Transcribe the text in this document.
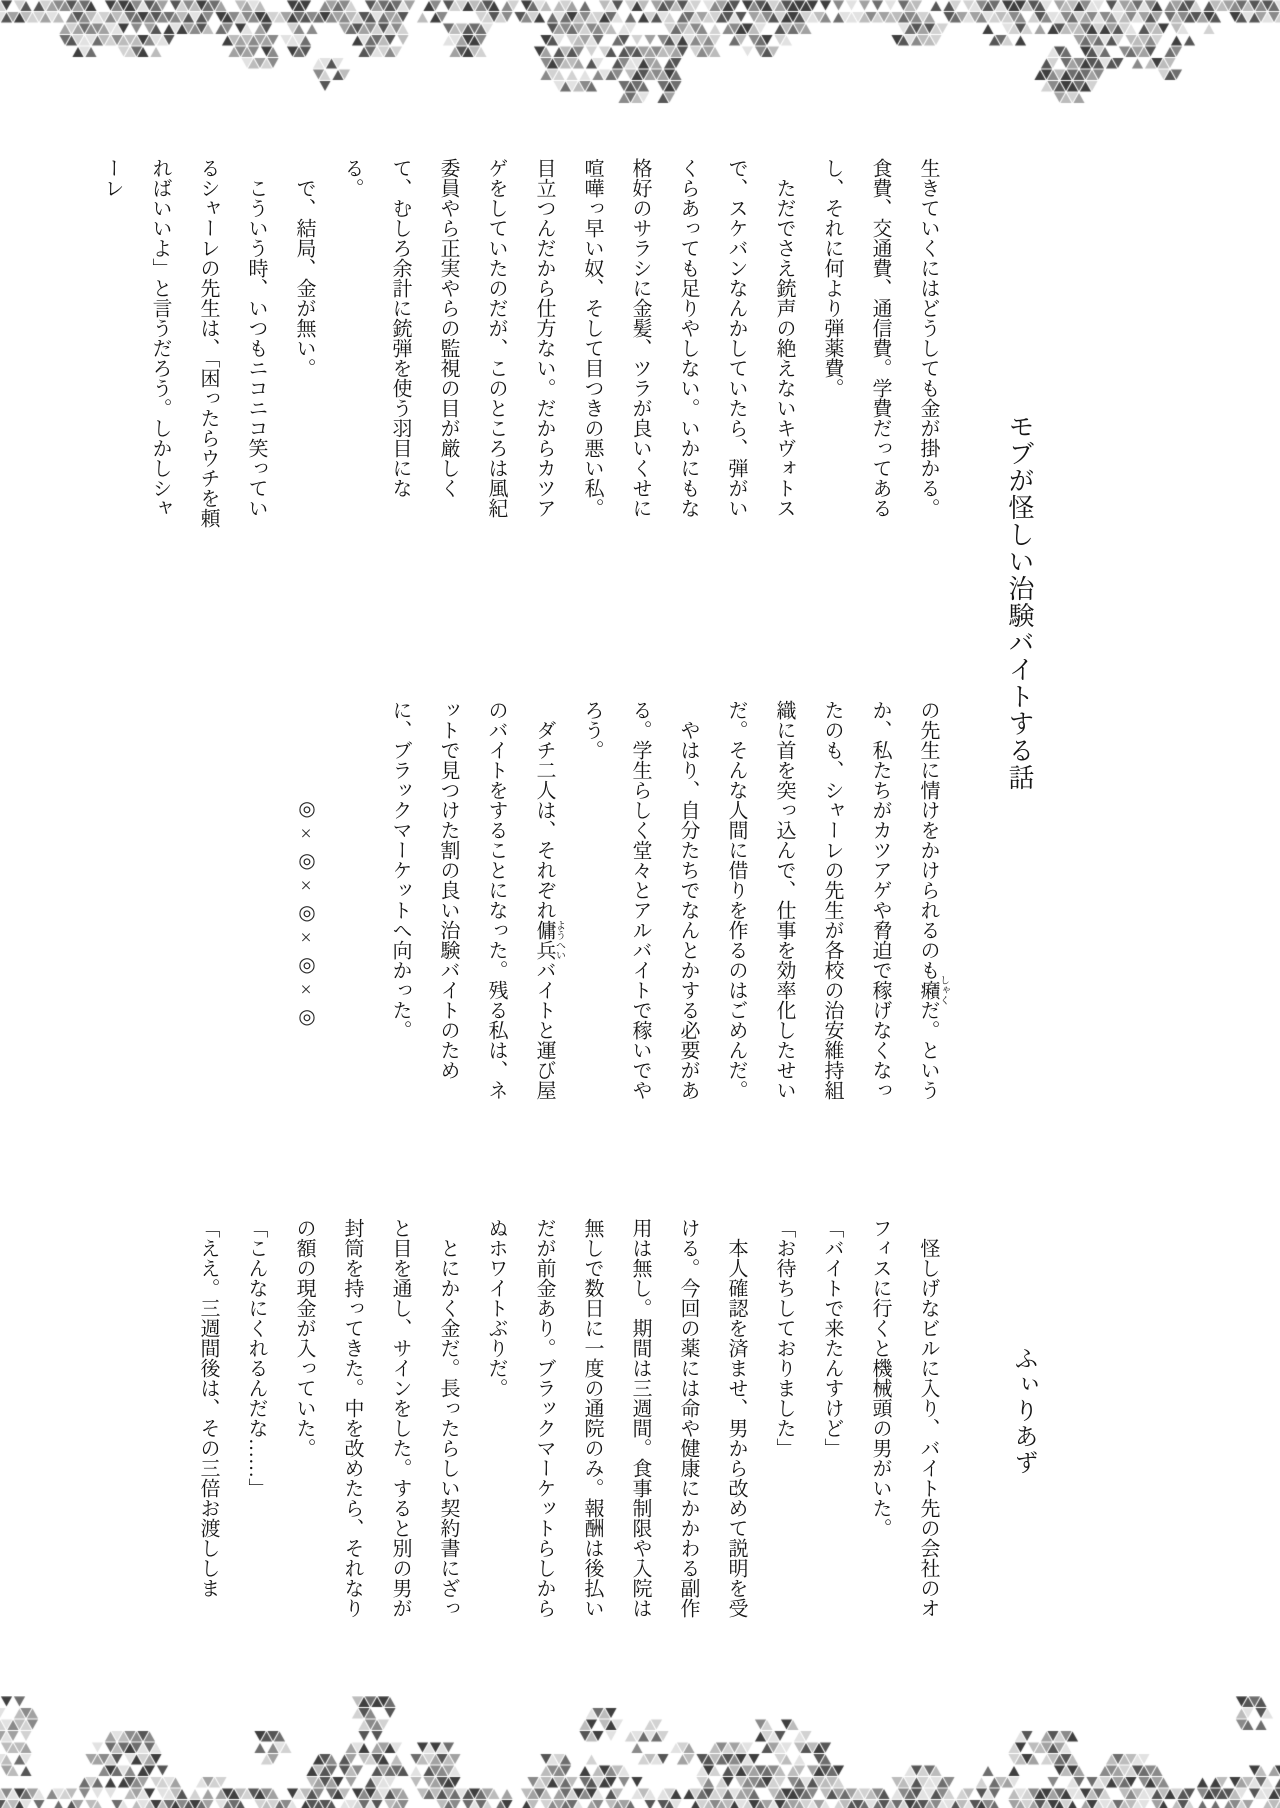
モブが怪しい治験バイトする話

生きていくにはどうしても金が掛かる。食費、交通費、通信費。学費だってあるし、それに何より弾薬費。

ただでさえ銃声の絶えないキヴォトスで、スケバンなんかしていたら、弾がいくらあっても足りやしない。いかにもな格好のサラシに金髪、ツラが良いくせに喧嘩っ早い奴、そして目つきの悪い私。目立つんだから仕方ない。だからカツアゲをしていたのだが、このところは風紀委員やら正実やらの監視の目が厳しくて、むしろ余計に銃弾を使う羽目になる。

で、結局、金が無い。

こういう時、いつもニコニコ笑っているシャーレの先生は、「困ったらウチを頼ればいいよ」と言うだろう。しかしシャーレ

の先生に情けをかけられるのも癪しゃくだ。というか、私たちがカツアゲや脅迫で稼げなくなったのも、シャーレの先生が各校の治安維持組織に首を突っ込んで、仕事を効率化したせいだ。そんな人間に借りを作るのはごめんだ。

やはり、自分たちでなんとかする必要がある。学生らしく堂々とアルバイトで稼いでやろう。

ダチ二人は、それぞれ傭兵ようへいバイトと運び屋のバイトをすることになった。残る私は、ネットで見つけた割の良い治験バイトのために、ブラックマーケットへ向かった。

◎×◎×◎×◎×◎

ふぃりあず

怪しげなビルに入り、バイト先の会社のオフィスに行くと機械頭の男がいた。

「バイトで来たんすけど」

「お待ちしておりました」

本人確認を済ませ、男から改めて説明を受ける。今回の薬には命や健康にかかわる副作用は無し。期間は三週間。食事制限や入院は無しで数日に一度の通院のみ。報酬は後払いだが前金あり。ブラックマーケットらしからぬホワイトぶりだ。

とにかく金だ。長ったらしい契約書にざっと目を通し、サインをした。すると別の男が封筒を持ってきた。中を改めたら、それなりの額の現金が入っていた。

「こんなにくれるんだな……」

「ええ。三週間後は、その三倍お渡ししま
